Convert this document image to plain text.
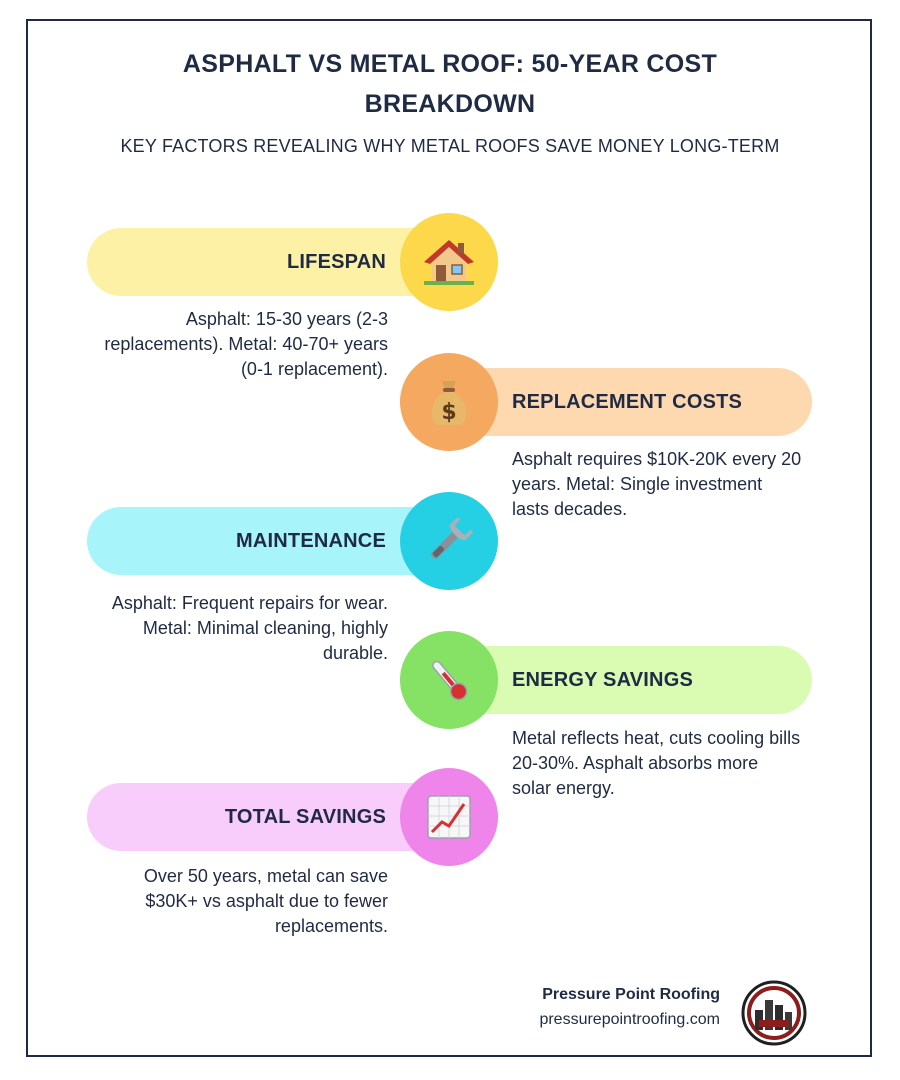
ASPHALT VS METAL ROOF: 50-YEAR COST BREAKDOWN
KEY FACTORS REVEALING WHY METAL ROOFS SAVE MONEY LONG-TERM
LIFESPAN
Asphalt: 15-30 years (2-3 replacements). Metal: 40-70+ years (0-1 replacement).
$	REPLACEMENT COSTS
Asphalt requires $10K-20K every 20 years. Metal: Single investment lasts decades.
MAINTENANCE
Asphalt: Frequent repairs for wear. Metal: Minimal cleaning, highly durable.
ENERGY SAVINGS
Metal reflects heat, cuts cooling bills 20-30%. Asphalt absorbs more solar energy.
TOTAL SAVINGS
Over 50 years, metal can save $30K+ vs asphalt due to fewer replacements.
Pressure Point Roofing
pressurepointroofing.com
